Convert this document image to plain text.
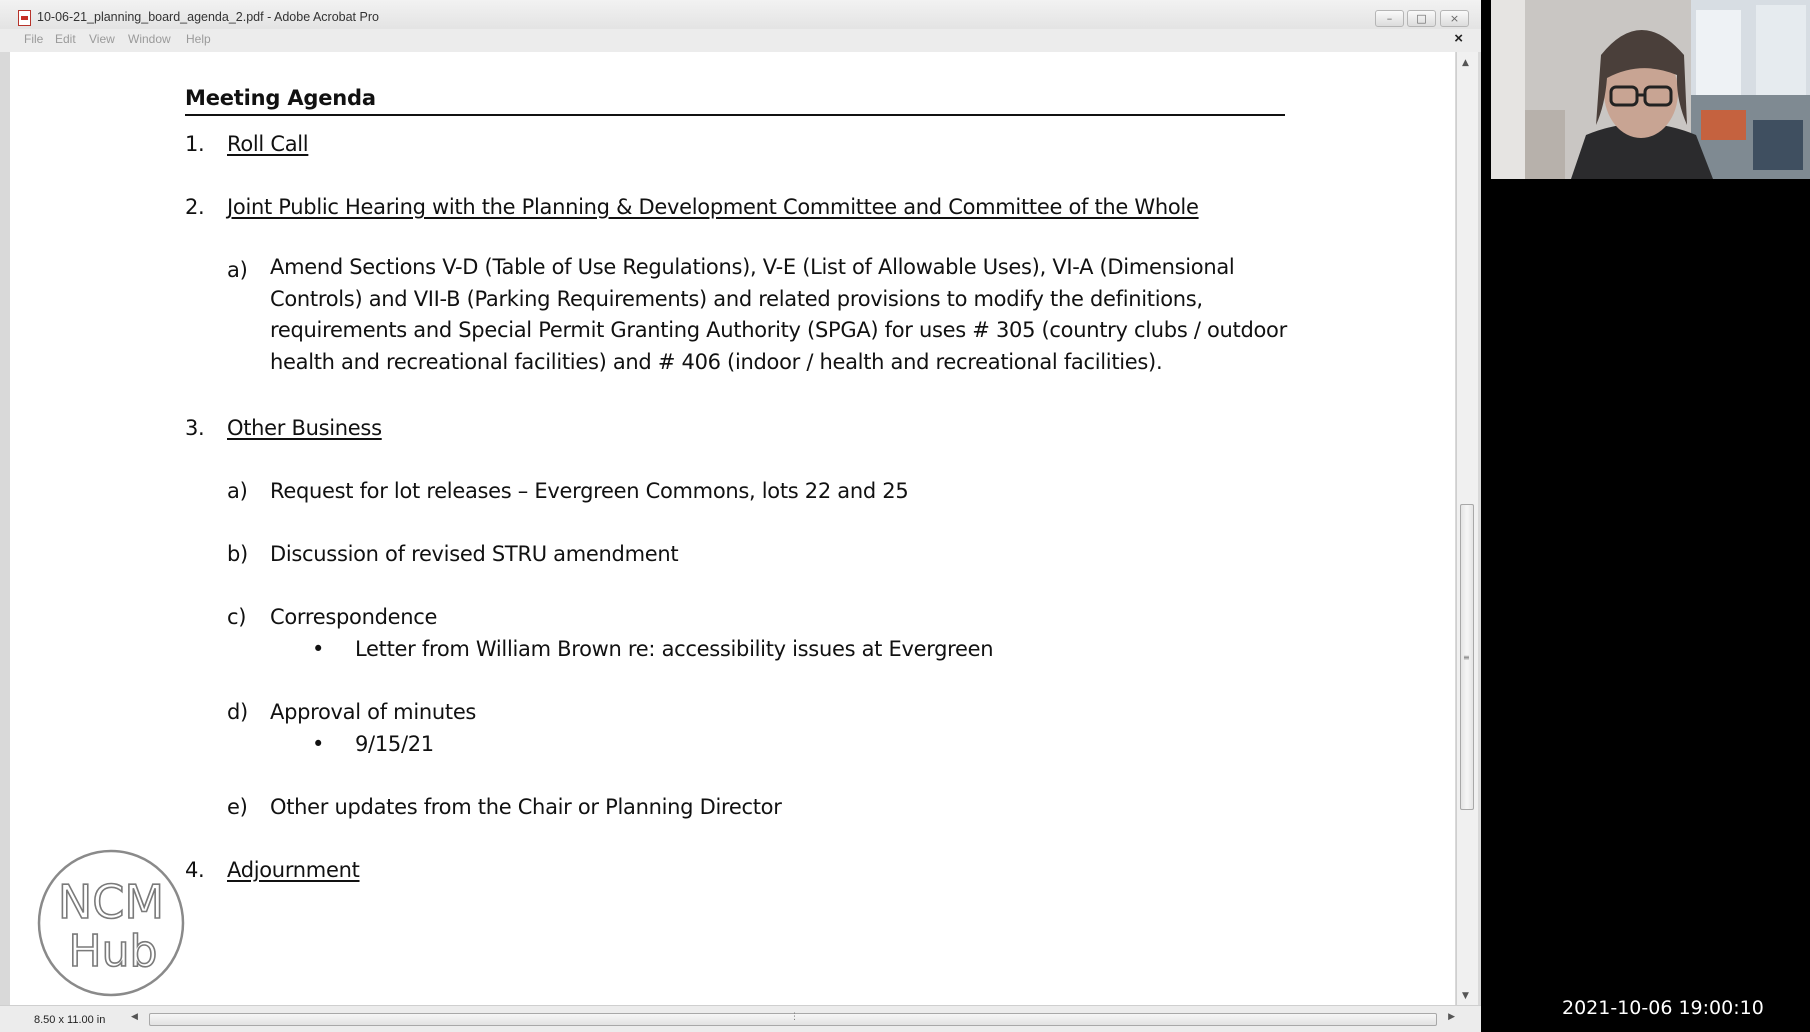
10-06-21_planning_board_agenda_2.pdf - Adobe Acrobat Pro	–	□	×
File Edit View Window Help	×
Meeting Agenda
1. Roll Call
2. Joint Public Hearing with the Planning & Development Committee and Committee of the Whole
a) Amend Sections V-D (Table of Use Regulations), V-E (List of Allowable Uses), VI-A (Dimensional Controls) and VII-B (Parking Requirements) and related provisions to modify the definitions, requirements and Special Permit Granting Authority (SPGA) for uses # 305 (country clubs / outdoor health and recreational facilities) and # 406 (indoor / health and recreational facilities).
3. Other Business
a) Request for lot releases – Evergreen Commons, lots 22 and 25
b) Discussion of revised STRU amendment
c) Correspondence
• Letter from William Brown re: accessibility issues at Evergreen
d) Approval of minutes
• 9/15/21
e) Other updates from the Chair or Planning Director
4. Adjournment
▲
≡
▼
8.50 x 11.00 in	◀	⋮	▶
NCM
Hub
2021-10-06 19:00:10
